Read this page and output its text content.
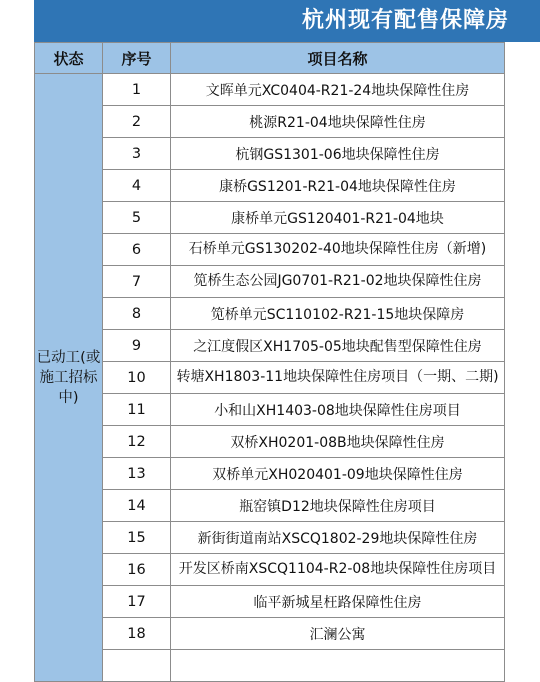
杭州现有配售保障房
状态	序号	项目名称
已动工(或施工招标中)	1	文晖单元XC0404-R21-24地块保障性住房
	2	桃源R21-04地块保障性住房
	3	杭钢GS1301-06地块保障性住房
	4	康桥GS1201-R21-04地块保障性住房
	5	康桥单元GS120401-R21-04地块
	6	石桥单元GS130202-40地块保障性住房（新增)

	7	笕桥生态公园JG0701-R21-02地块保障性住房

	8	笕桥单元SC110102-R21-15地块保障房
	9	之江度假区XH1705-05地块配售型保障性住房
	10	转塘XH1803-11地块保障性住房项目（一期、二期)

	11	小和山XH1403-08地块保障性住房项目
	12	双桥XH0201-08B地块保障性住房
	13	双桥单元XH020401-09地块保障性住房
	14	瓶窑镇D12地块保障性住房项目
	15	新街街道南站XSCQ1802-29地块保障性住房
	16	开发区桥南XSCQ1104-R2-08地块保障性住房项目

	17	临平新城星枉路保障性住房
	18	汇澜公寓
